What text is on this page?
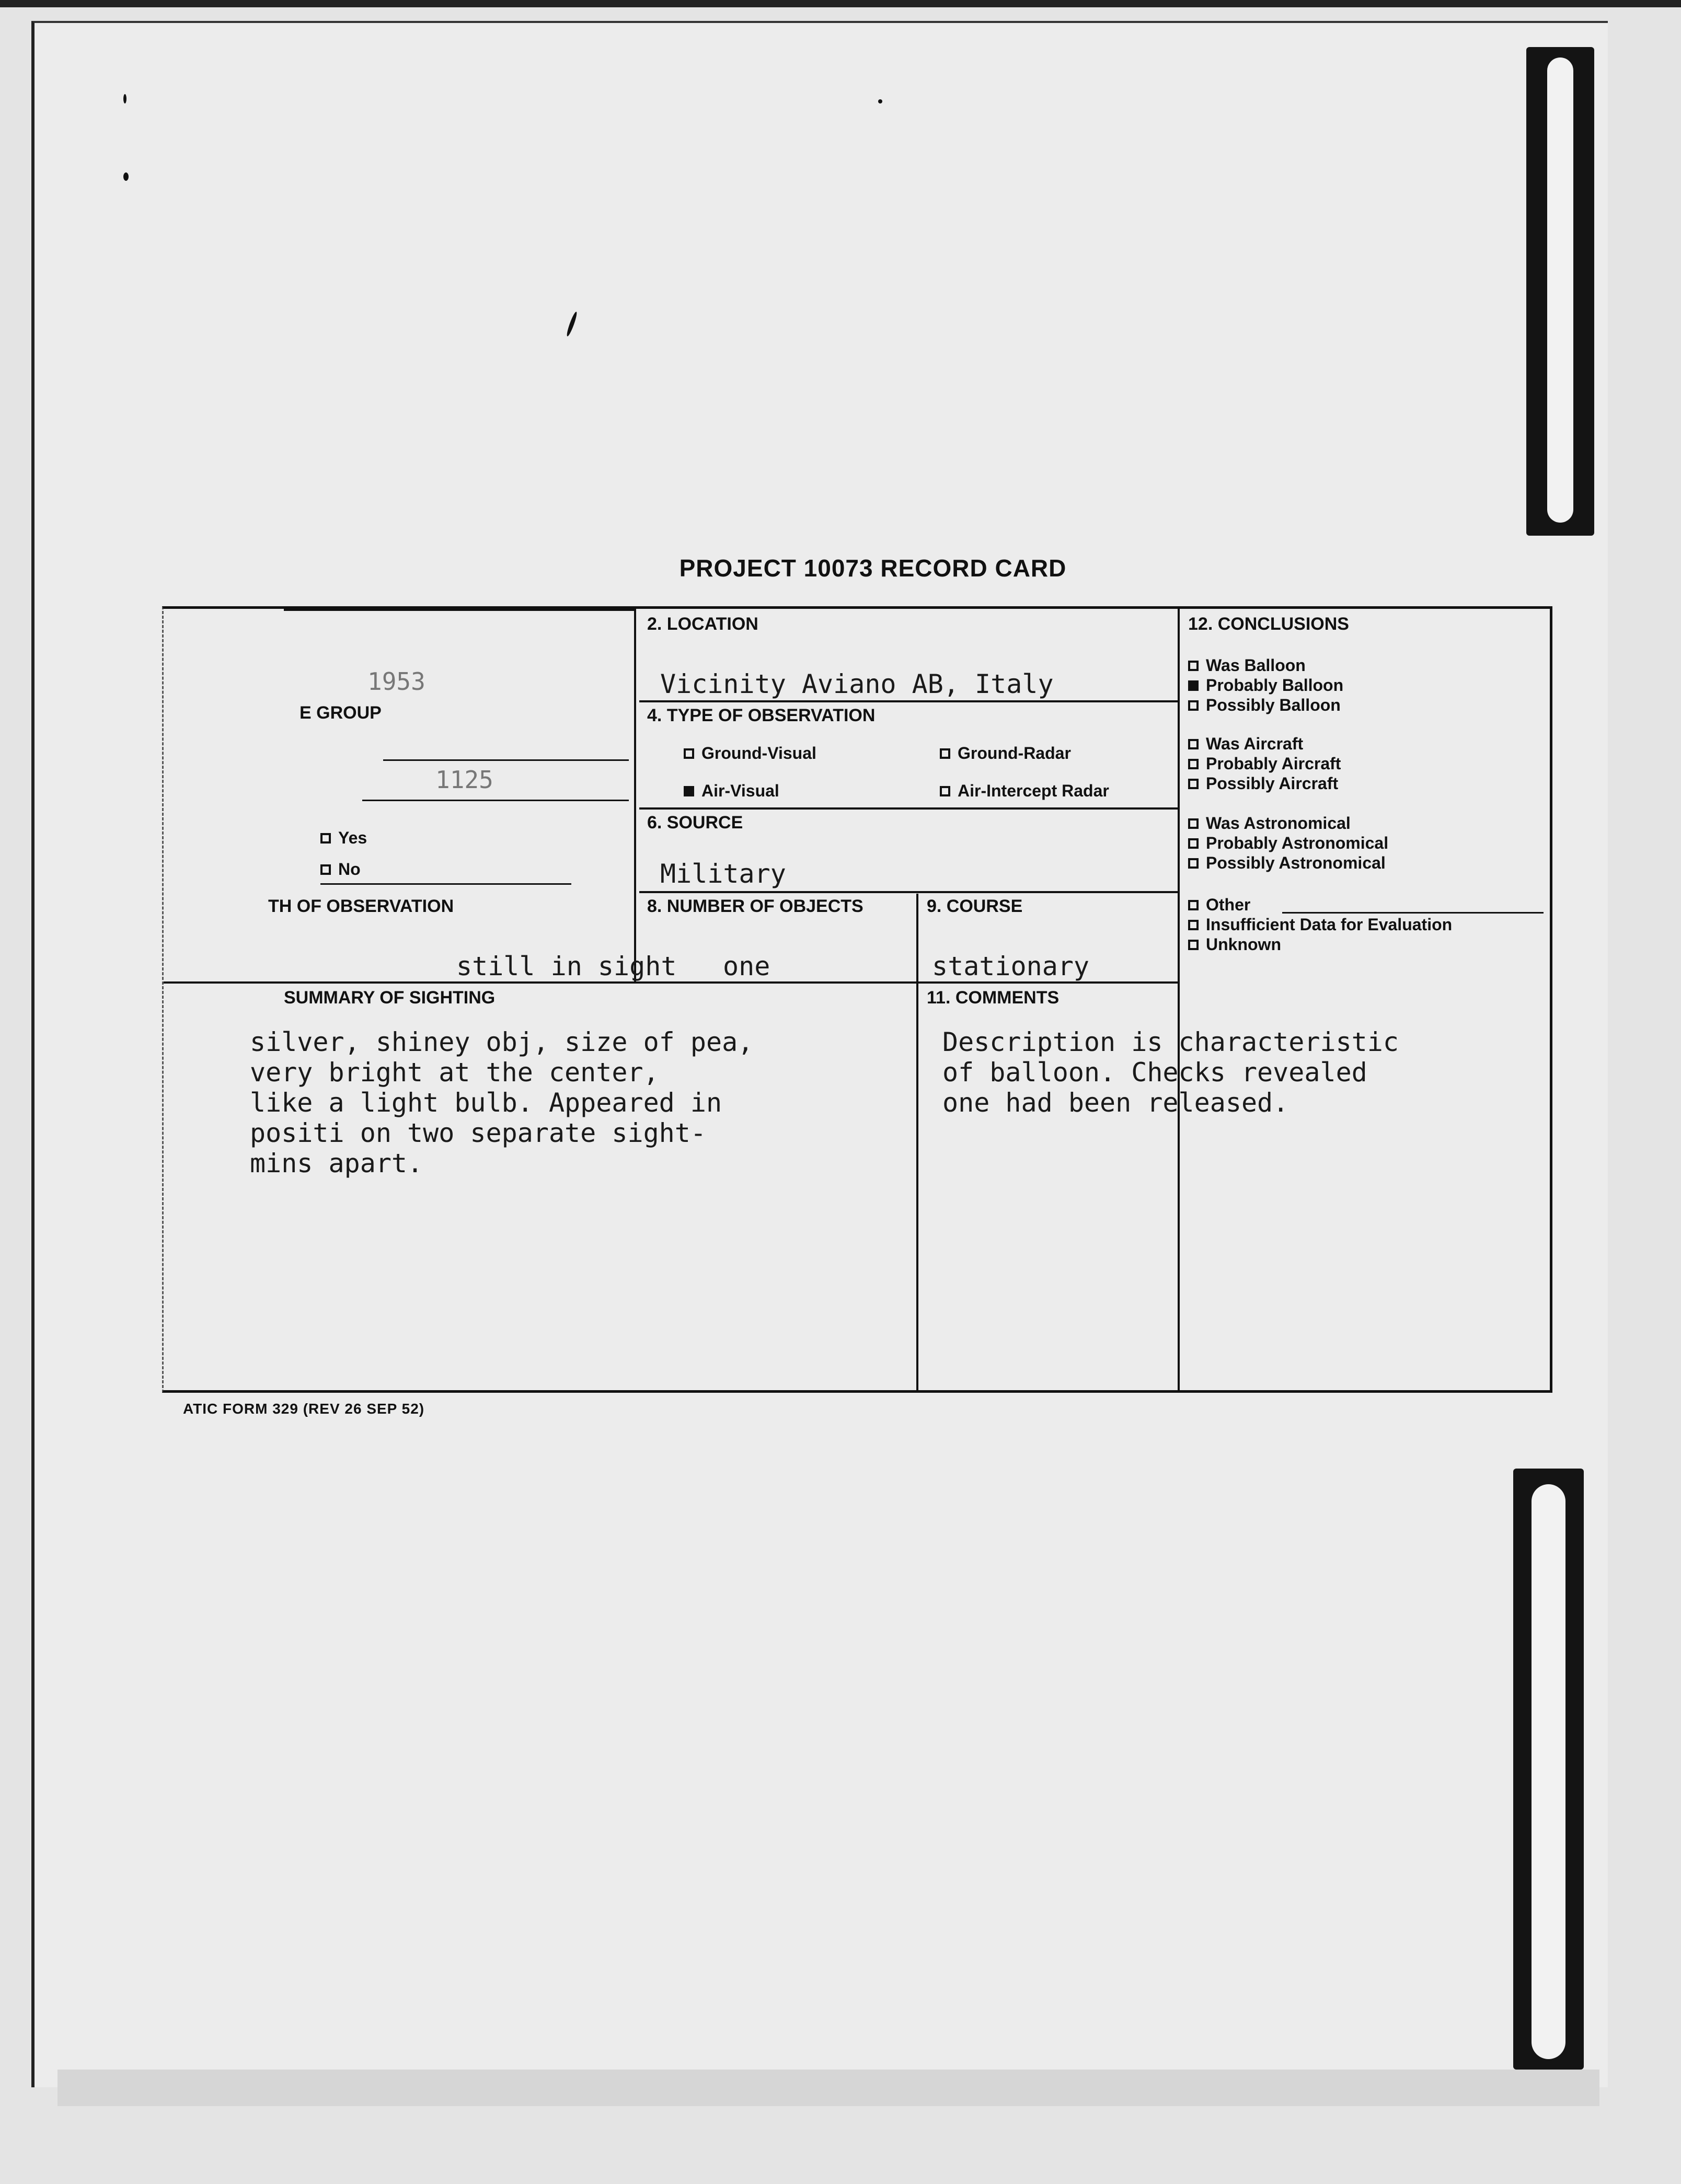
PROJECT 10073 RECORD CARD
1953
E GROUP
1125
Yes
No
TH OF OBSERVATION
still in sight
2. LOCATION
Vicinity Aviano AB, Italy
4. TYPE OF OBSERVATION
Ground-Visual	Ground-Radar
Air-Visual	Air-Intercept Radar
6. SOURCE
Military
8. NUMBER OF OBJECTS
one
9. COURSE
stationary
SUMMARY OF SIGHTING
silver, shiney obj, size of pea,
very bright at the center,
like a light bulb. Appeared in
positi on two separate sight-
mins apart.
11. COMMENTS
Description is characteristic
of balloon. Checks revealed
one had been released.
12. CONCLUSIONS
Was Balloon
Probably Balloon
Possibly Balloon
Was Aircraft
Probably Aircraft
Possibly Aircraft
Was Astronomical
Probably Astronomical
Possibly Astronomical
Other
Insufficient Data for Evaluation
Unknown
ATIC FORM 329 (REV 26 SEP 52)
